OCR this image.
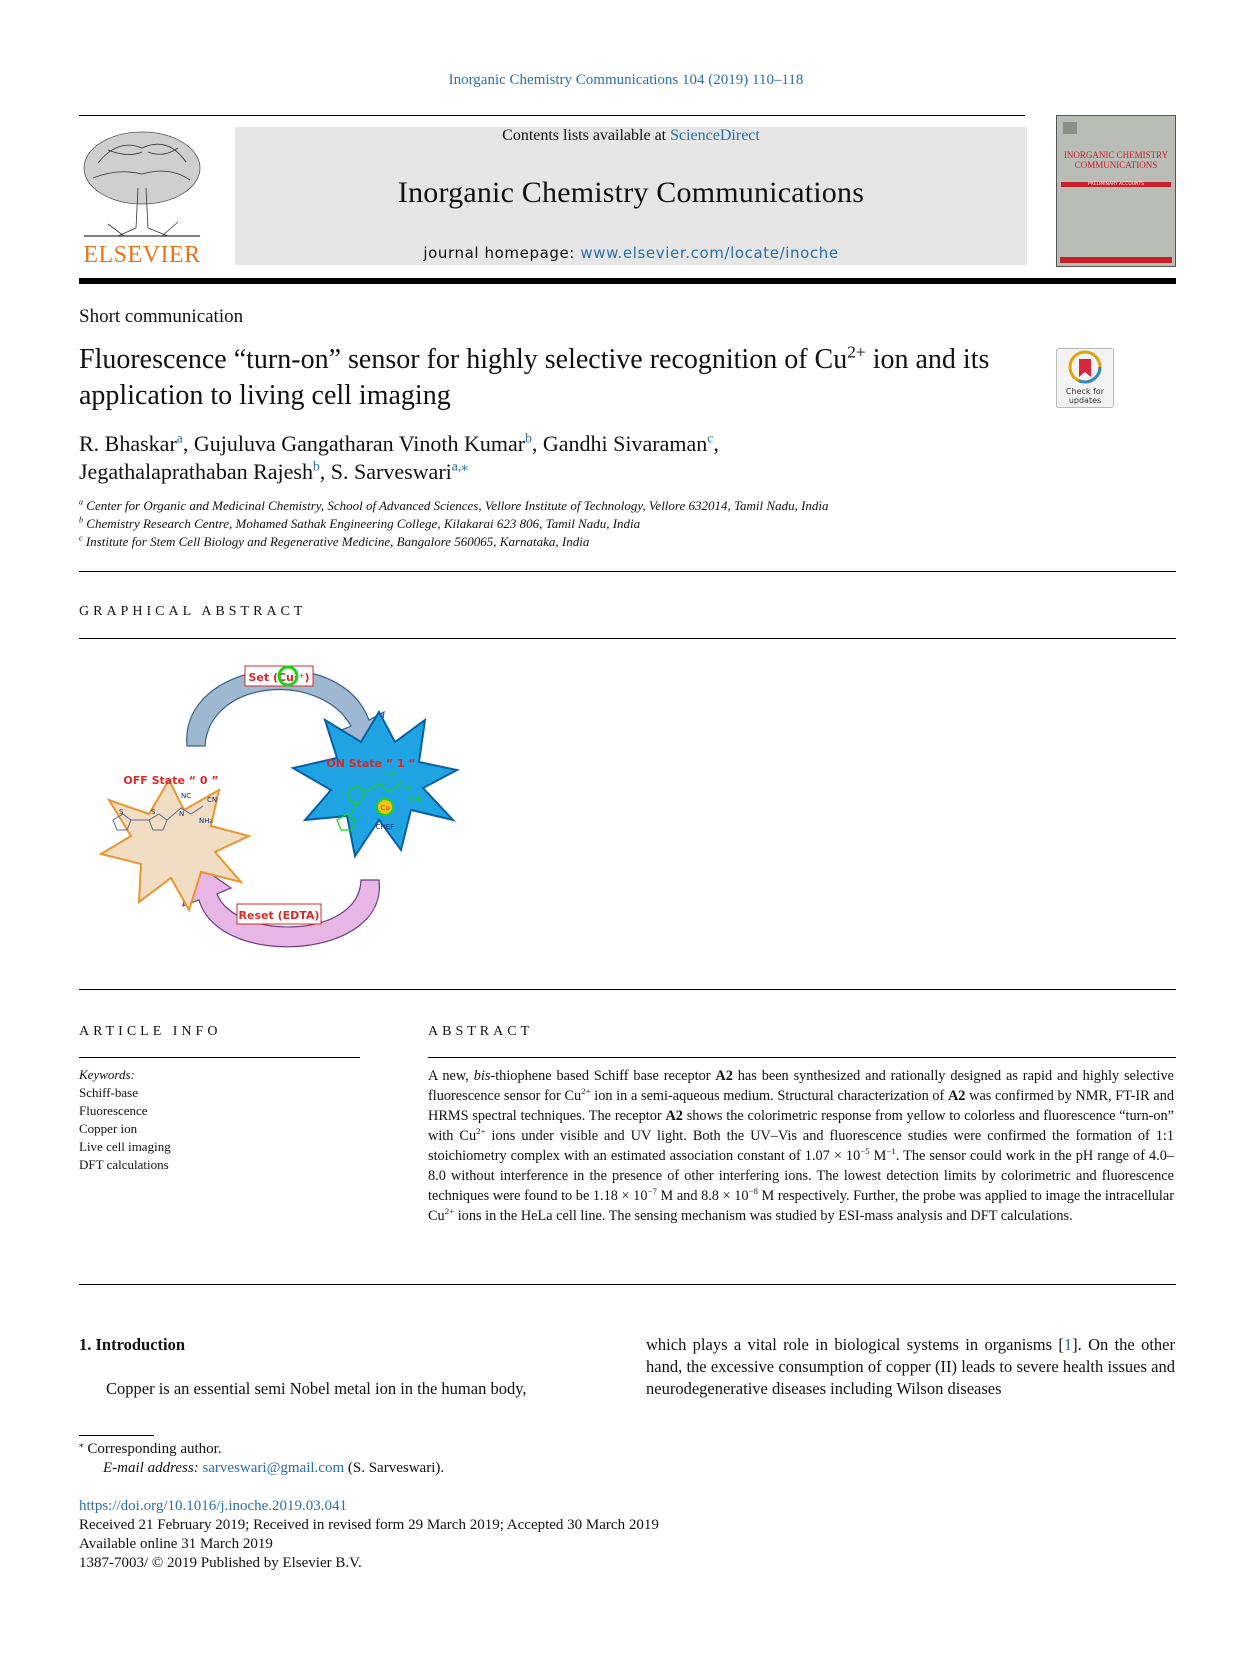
Inorganic Chemistry Communications 104 (2019) 110–118
ELSEVIER
Contents lists available at ScienceDirect
Inorganic Chemistry Communications
journal homepage: www.elsevier.com/locate/inoche
INORGANIC CHEMISTRY COMMUNICATIONS
PRELIMINARY ACCOUNTS
Short communication
Fluorescence “turn-on” sensor for highly selective recognition of $Cu^{2+}$ ion and its application to living cell imaging	Check for updates
R. Bhaskar$^a$, Gujuluva Gangatharan Vinoth Kumar$^b$, Gandhi Sivaraman$^c$,
Jegathalaprathaban Rajesh$^b$, S. Sarveswari$^{a,⁎}$
$^a$ Center for Organic and Medicinal Chemistry, School of Advanced Sciences, Vellore Institute of Technology, Vellore 632014, Tamil Nadu, India
$^b$ Chemistry Research Centre, Mohamed Sathak Engineering College, Kilakarai 623 806, Tamil Nadu, India
$^c$ Institute for Stem Cell Biology and Regenerative Medicine, Bangalore 560065, Karnataka, India
GRAPHICAL ABSTRACT
Set (Cu²⁺)
OFF State “ 0 ”
NC CN
N
NH₂
S	S
ON State “ 1 “
CN
CN
NH₂
Cu
CHEF
Reset (EDTA)
ARTICLE INFO
Keywords:
Schiff-base
Fluorescence
Copper ion
Live cell imaging
DFT calculations
ABSTRACT
A new, bis-thiophene based Schiff base receptor A2 has been synthesized and rationally designed as rapid and highly selective fluorescence sensor for $Cu^{2+}$ ion in a semi-aqueous medium. Structural characterization of A2 was confirmed by NMR, FT-IR and HRMS spectral techniques. The receptor A2 shows the colorimetric response from yellow to colorless and fluorescence “turn-on” with $Cu^{2+}$ ions under visible and UV light. Both the UV–Vis and fluorescence studies were confirmed the formation of 1:1 stoichiometry complex with an estimated association constant of $1.07 \times 10^{-5}$ $M^{-1}$. The sensor could work in the pH range of 4.0–8.0 without interference in the presence of other interfering ions. The lowest detection limits by colorimetric and fluorescence techniques were found to be $1.18 \times 10^{-7}$ M and $8.8 \times 10^{-8}$ M respectively. Further, the probe was applied to image the intracellular $Cu^{2+}$ ions in the HeLa cell line. The sensing mechanism was studied by ESI-mass analysis and DFT calculations.
1. Introduction
Copper is an essential semi Nobel metal ion in the human body,
which plays a vital role in biological systems in organisms [1]. On the other hand, the excessive consumption of copper (II) leads to severe health issues and neurodegenerative diseases including Wilson diseases
⁎ Corresponding author.
E-mail address: sarveswari@gmail.com (S. Sarveswari).
https://doi.org/10.1016/j.inoche.2019.03.041
Received 21 February 2019; Received in revised form 29 March 2019; Accepted 30 March 2019
Available online 31 March 2019
1387-7003/ © 2019 Published by Elsevier B.V.
